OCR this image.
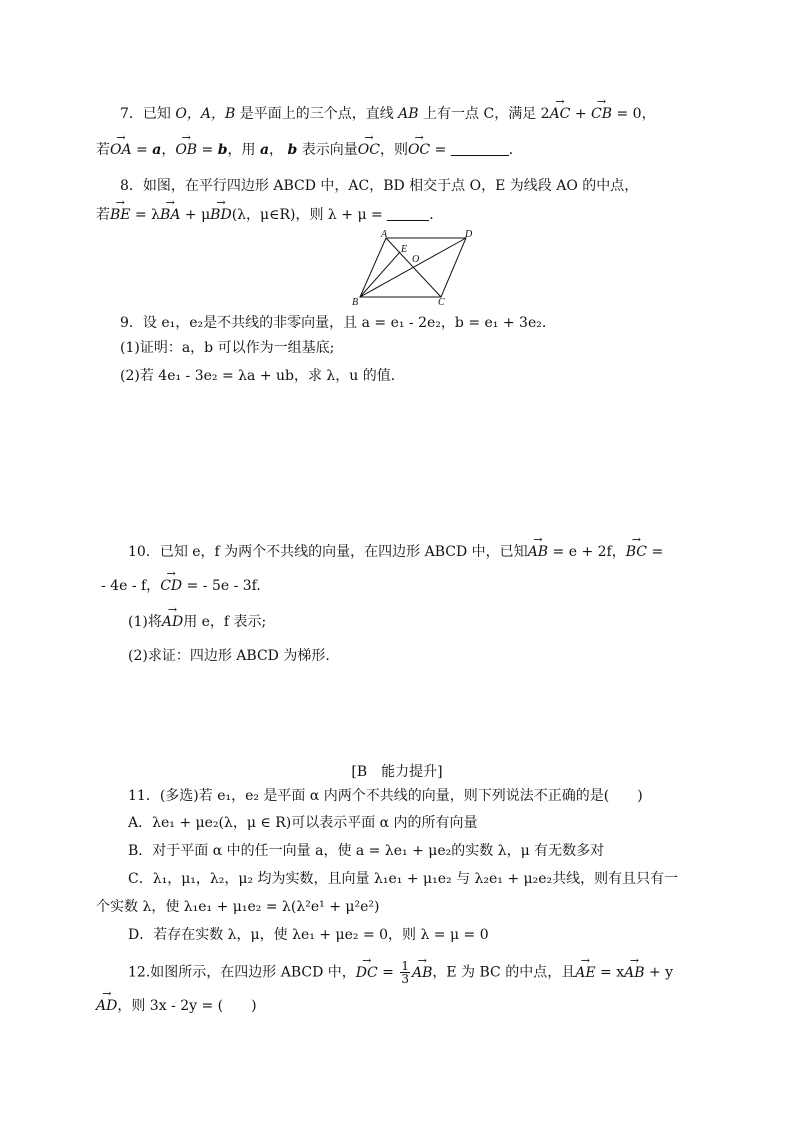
7．已知 O，A，B 是平面上的三个点，直线 AB 上有一点 C，满足 2→ AC + → CB = 0，
若→ OA = a，→ OB = b，用 a， b 表示向量→ OC，则→ OC =	．
8．如图，在平行四边形 ABCD 中，AC，BD 相交于点 O，E 为线段 AO 的中点，
若→ BE = λ→ BA + μ→ BD(λ，μ∈R)，则 λ + μ =	．
A	D
E
O
B	C
9．设 e₁，e₂是不共线的非零向量，且 a = e₁ - 2e₂，b = e₁ + 3e₂.
(1)证明：a，b 可以作为一组基底;
(2)若 4e₁ - 3e₂ = λa + ub，求 λ，u 的值．
10．已知 e，f 为两个不共线的向量，在四边形 ABCD 中，已知→ AB = e + 2f，→ BC =
- 4e - f，→ CD = - 5e - 3f.
(1)将→ AD用 e，f 表示;
(2)求证：四边形 ABCD 为梯形．
[B　能力提升]
11．(多选)若 e₁，e₂ 是平面 α 内两个不共线的向量，则下列说法不正确的是(　　)
A．λe₁ + μe₂(λ，μ ∈ R)可以表示平面 α 内的所有向量
B．对于平面 α 中的任一向量 a，使 a = λe₁ + μe₂的实数 λ，μ 有无数多对
C．λ₁，μ₁，λ₂，μ₂ 均为实数，且向量 λ₁e₁ + μ₁e₂ 与 λ₂e₁ + μ₂e₂共线，则有且只有一
个实数 λ，使 λ₁e₁ + μ₁e₂ = λ(λ²e¹ + μ²e²)
D．若存在实数 λ，μ，使 λe₁ + μe₂ = 0，则 λ = μ = 0
12.如图所示，在四边形 ABCD 中，→ DC = $\frac{1}{3}$ → AB，E 为 BC 的中点，且→ AE = x→ AB + y
→ AD，则 3x - 2y = (　　)
